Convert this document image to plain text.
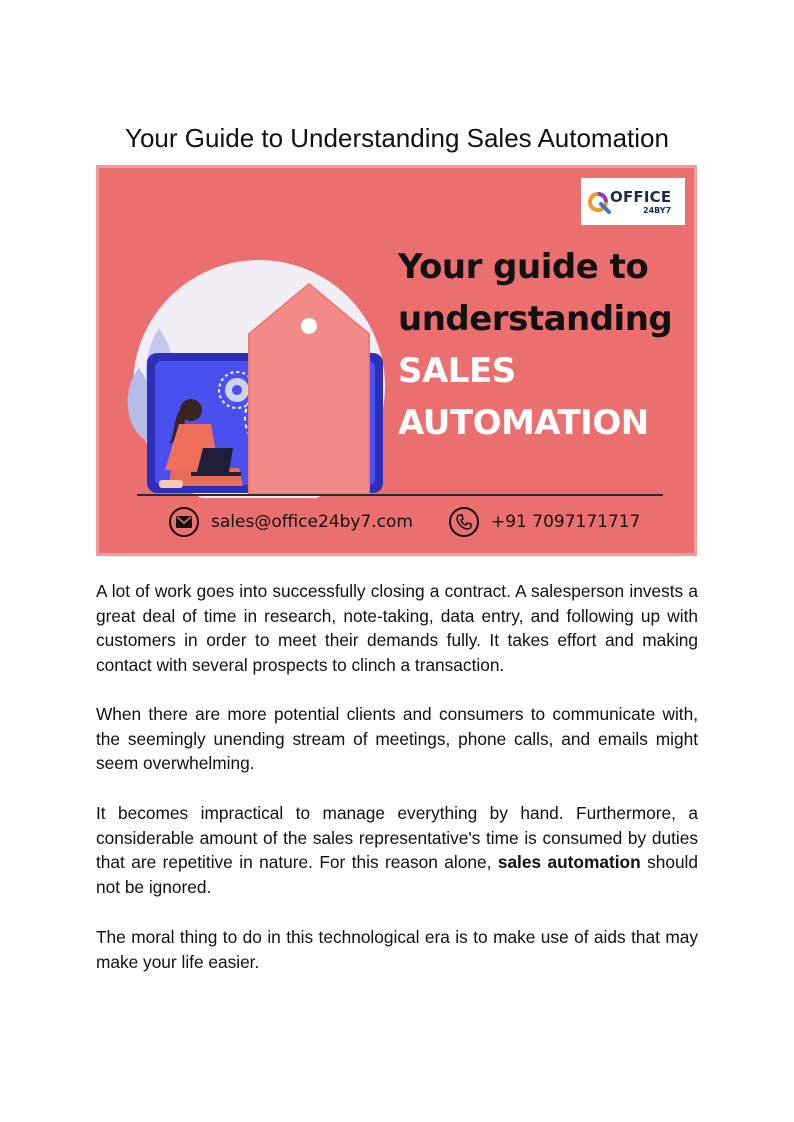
Your Guide to Understanding Sales Automation
OFFICE
24BY7
Your guide to
understanding
SALES
AUTOMATION
sales@office24by7.com	+91 7097171717

A lot of work goes into successfully closing a contract. A salesperson invests a great deal of time in research, note-taking, data entry, and following up with customers in order to meet their demands fully. It takes effort and making contact with several prospects to clinch a transaction.

When there are more potential clients and consumers to communicate with, the seemingly unending stream of meetings, phone calls, and emails might seem overwhelming.

It becomes impractical to manage everything by hand. Furthermore, a considerable amount of the sales representative's time is consumed by duties that are repetitive in nature. For this reason alone, sales automation should not be ignored.

The moral thing to do in this technological era is to make use of aids that may make your life easier.
